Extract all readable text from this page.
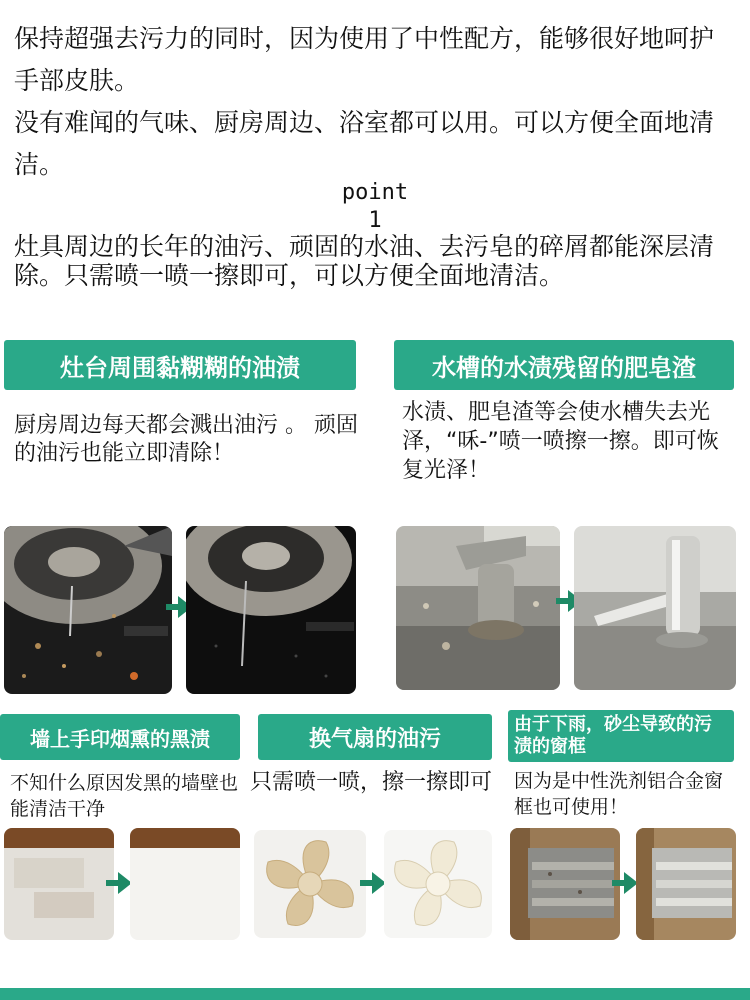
保持超强去污力的同时，因为使用了中性配方，能够很好地呵护手部皮肤。

没有难闻的气味、厨房周边、浴室都可以用。可以方便全面地清洁。

point
1

灶具周边的长年的油污、顽固的水油、去污皂的碎屑都能深层清除。只需喷一喷一擦即可，可以方便全面地清洁。

灶台周围黏糊糊的油渍

厨房周边每天都会溅出油污 。 顽固的油污也能立即清除！

水槽的水渍残留的肥皂渣

水渍、肥皂渣等会使水槽失去光泽，“咊-”喷一喷擦一擦。即可恢复光泽！

墙上手印烟熏的黑渍

不知什么原因发黑的墙壁也能清洁干净

换气扇的油污

只需喷一喷，擦一擦即可

由于下雨，砂尘导致的污渍的窗框

因为是中性洗剂铝合金窗框也可使用！
